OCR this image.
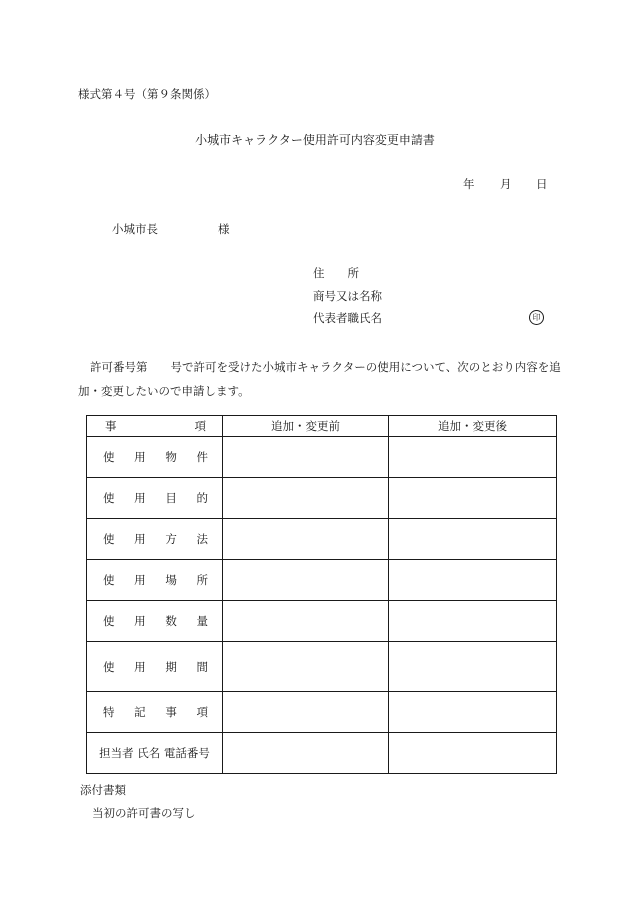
様式第４号（第９条関係）
小城市キャラクター使用許可内容変更申請書
年 月 日
小城市長	様
住　　所
商号又は名称
代表者職氏名	印
許可番号第　　号で許可を受けた小城市キャラクターの使用について、次のとおり内容を追加・変更したいので申請します。
事 項	追加・変更前	追加・変更後

使 用 物 件		

使 用 目 的		

使 用 方 法		

使 用 場 所		

使 用 数 量		

使 用 期 間		

特 記 事 項		

担当者 氏名 電話番号		
添付書類
当初の許可書の写し
